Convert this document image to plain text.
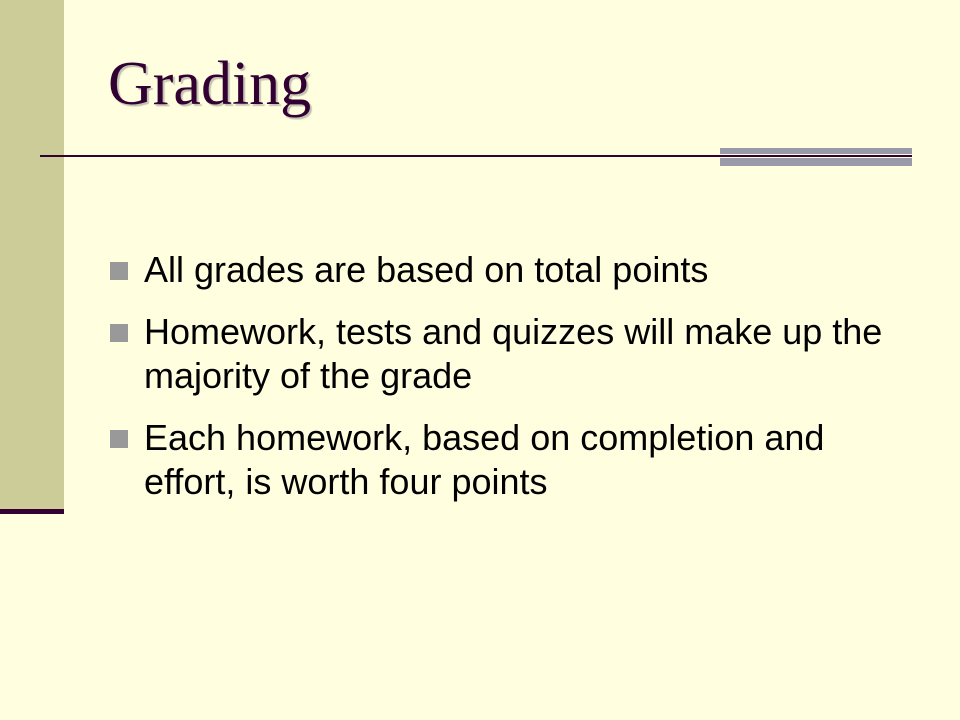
Grading
All grades are based on total points
Homework, tests and quizzes will make up the majority of the grade
Each homework, based on completion and effort, is worth four points
